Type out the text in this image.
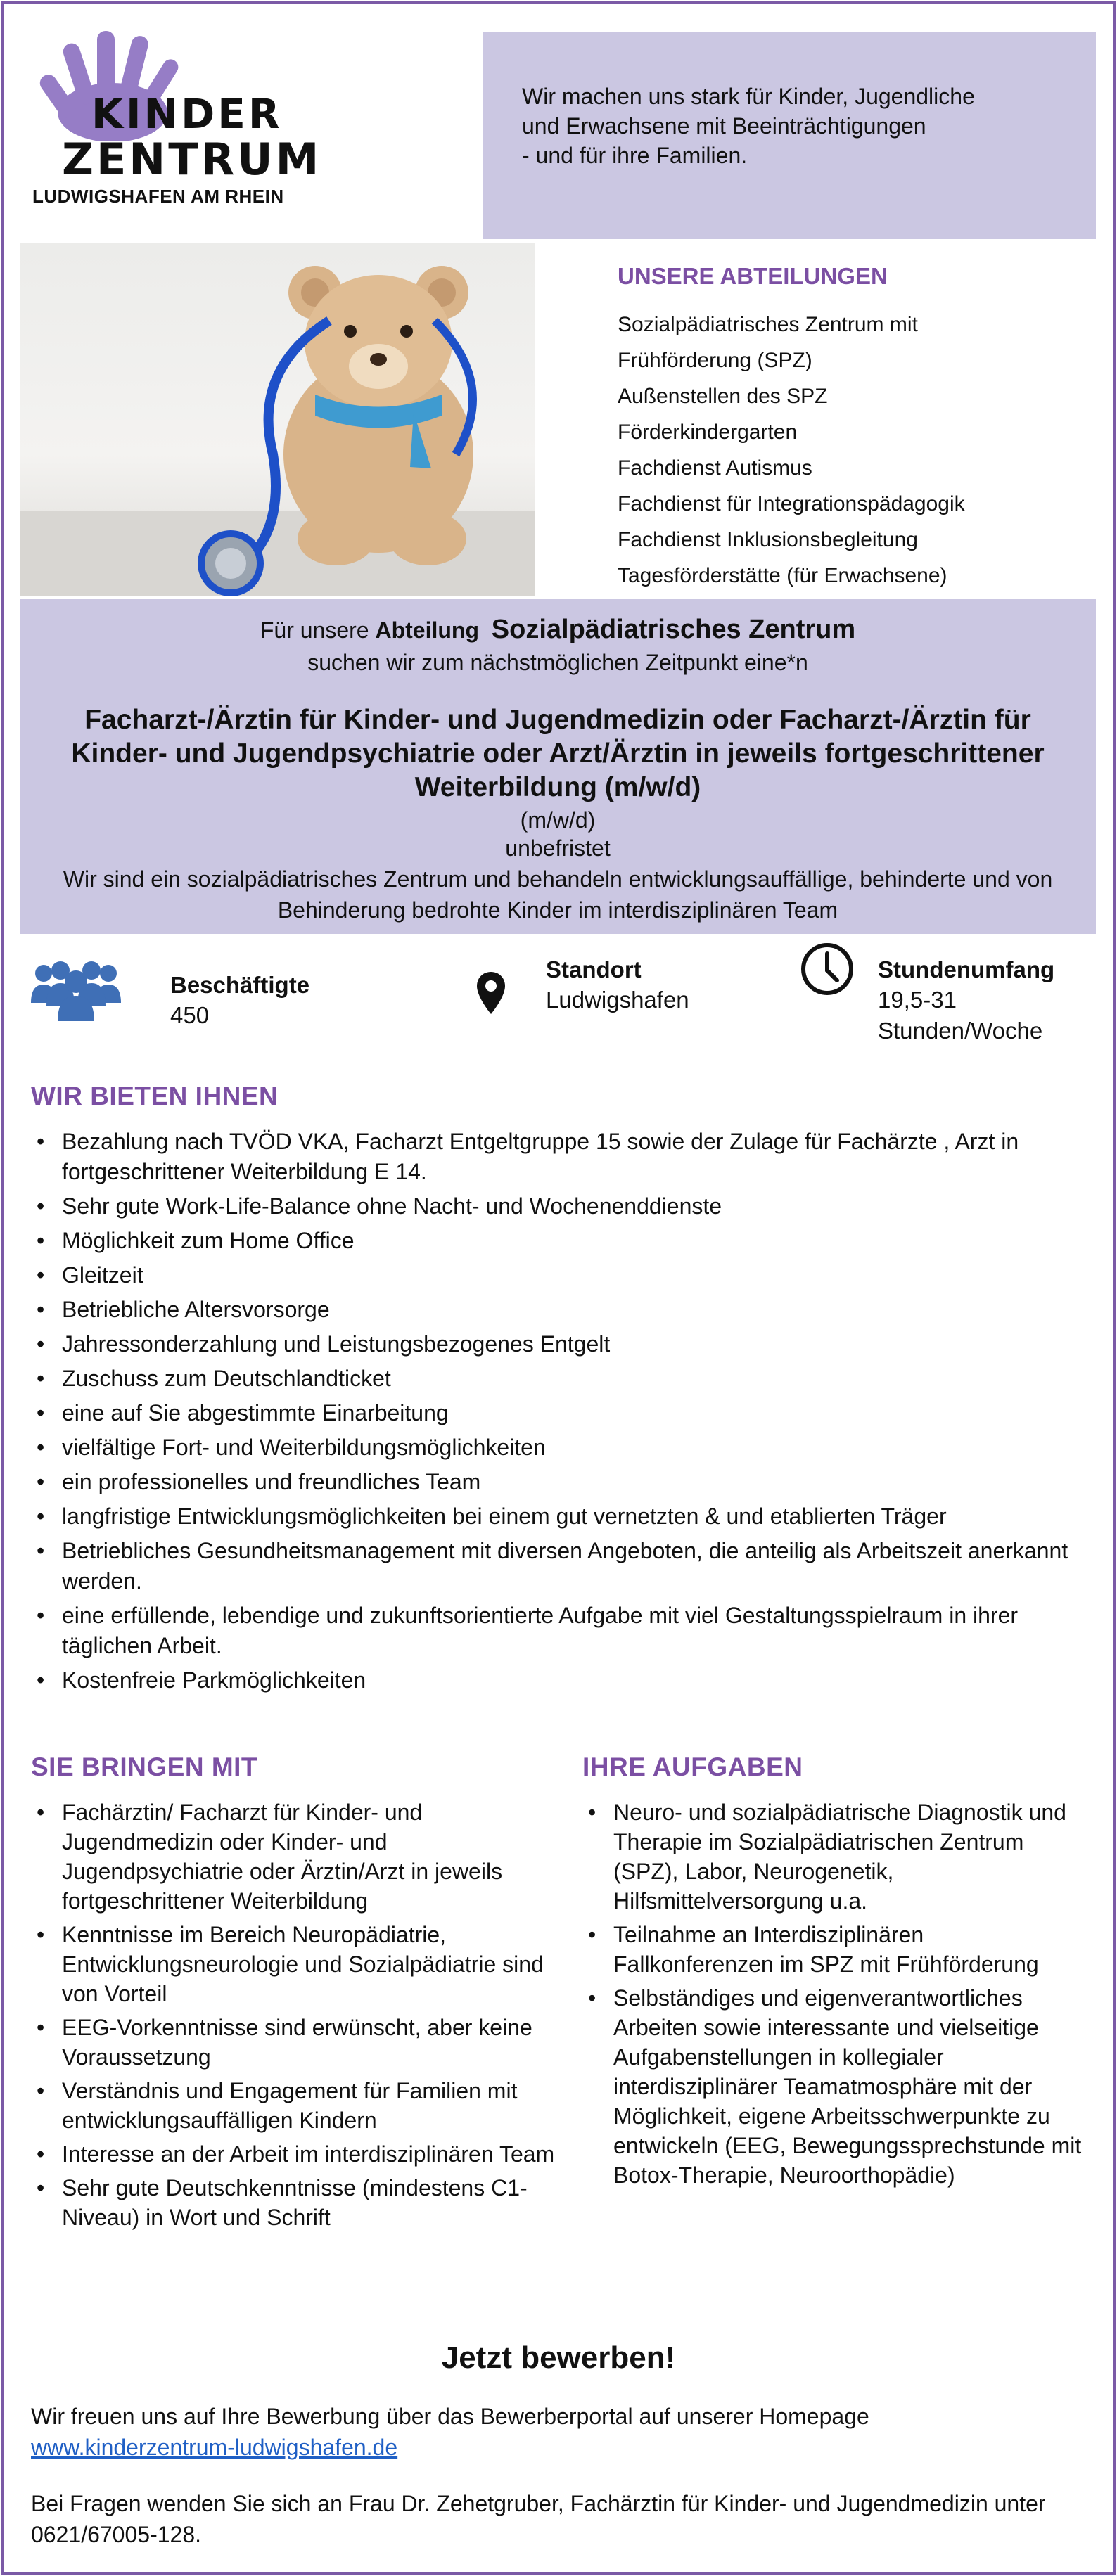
KINDER
ZENTRUM
LUDWIGSHAFEN AM RHEIN

Wir machen uns stark für Kinder, Jugendliche
und Erwachsene mit Beeinträchtigungen
- und für ihre Familien.

UNSERE ABTEILUNGEN
Sozialpädiatrisches Zentrum mit
Frühförderung (SPZ)
Außenstellen des SPZ
Förderkindergarten
Fachdienst Autismus
Fachdienst für Integrationspädagogik
Fachdienst Inklusionsbegleitung
Tagesförderstätte (für Erwachsene)
Für unsere Abteilung Sozialpädiatrisches Zentrum
suchen wir zum nächstmöglichen Zeitpunkt eine*n
Facharzt-/Ärztin für Kinder- und Jugendmedizin oder Facharzt-/Ärztin für Kinder- und Jugendpsychiatrie oder Arzt/Ärztin in jeweils fortgeschrittener Weiterbildung (m/w/d)
(m/w/d)
unbefristet
Wir sind ein sozialpädiatrisches Zentrum und behandeln entwicklungsauffällige, behinderte und von Behinderung bedrohte Kinder im interdisziplinären Team
Beschäftigte
450
Standort
Ludwigshafen
Stundenumfang
19,5-31
Stunden/Woche
WIR BIETEN IHNEN
• Bezahlung nach TVÖD VKA, Facharzt Entgeltgruppe 15 sowie der Zulage für Fachärzte , Arzt in fortgeschrittener Weiterbildung E 14.
• Sehr gute Work-Life-Balance ohne Nacht- und Wochenenddienste
• Möglichkeit zum Home Office
• Gleitzeit
• Betriebliche Altersvorsorge
• Jahressonderzahlung und Leistungsbezogenes Entgelt
• Zuschuss zum Deutschlandticket
• eine auf Sie abgestimmte Einarbeitung
• vielfältige Fort- und Weiterbildungsmöglichkeiten
• ein professionelles und freundliches Team
• langfristige Entwicklungsmöglichkeiten bei einem gut vernetzten & und etablierten Träger
• Betriebliches Gesundheitsmanagement mit diversen Angeboten, die anteilig als Arbeitszeit anerkannt werden.
• eine erfüllende, lebendige und zukunftsorientierte Aufgabe mit viel Gestaltungsspielraum in ihrer täglichen Arbeit.
• Kostenfreie Parkmöglichkeiten
SIE BRINGEN MIT
• Fachärztin/ Facharzt für Kinder- und Jugendmedizin oder Kinder- und Jugendpsychiatrie oder Ärztin/Arzt in jeweils fortgeschrittener Weiterbildung
• Kenntnisse im Bereich Neuropädiatrie, Entwicklungsneurologie und Sozialpädiatrie sind von Vorteil
• EEG-Vorkenntnisse sind erwünscht, aber keine Voraussetzung
• Verständnis und Engagement für Familien mit entwicklungsauffälligen Kindern
• Interesse an der Arbeit im interdisziplinären Team
• Sehr gute Deutschkenntnisse (mindestens C1-Niveau) in Wort und Schrift
IHRE AUFGABEN
• Neuro- und sozialpädiatrische Diagnostik und Therapie im Sozialpädiatrischen Zentrum (SPZ), Labor, Neurogenetik, Hilfsmittelversorgung u.a.
• Teilnahme an Interdisziplinären Fallkonferenzen im SPZ mit Frühförderung
• Selbständiges und eigenverantwortliches Arbeiten sowie interessante und vielseitige Aufgabenstellungen in kollegialer interdisziplinärer Teamatmosphäre mit der Möglichkeit, eigene Arbeitsschwerpunkte zu entwickeln (EEG, Bewegungssprechstunde mit Botox-Therapie, Neuroorthopädie)
Jetzt bewerben!
Wir freuen uns auf Ihre Bewerbung über das Bewerberportal auf unserer Homepage
www.kinderzentrum-ludwigshafen.de
Bei Fragen wenden Sie sich an Frau Dr. Zehetgruber, Fachärztin für Kinder- und Jugendmedizin unter 0621/67005-128.
